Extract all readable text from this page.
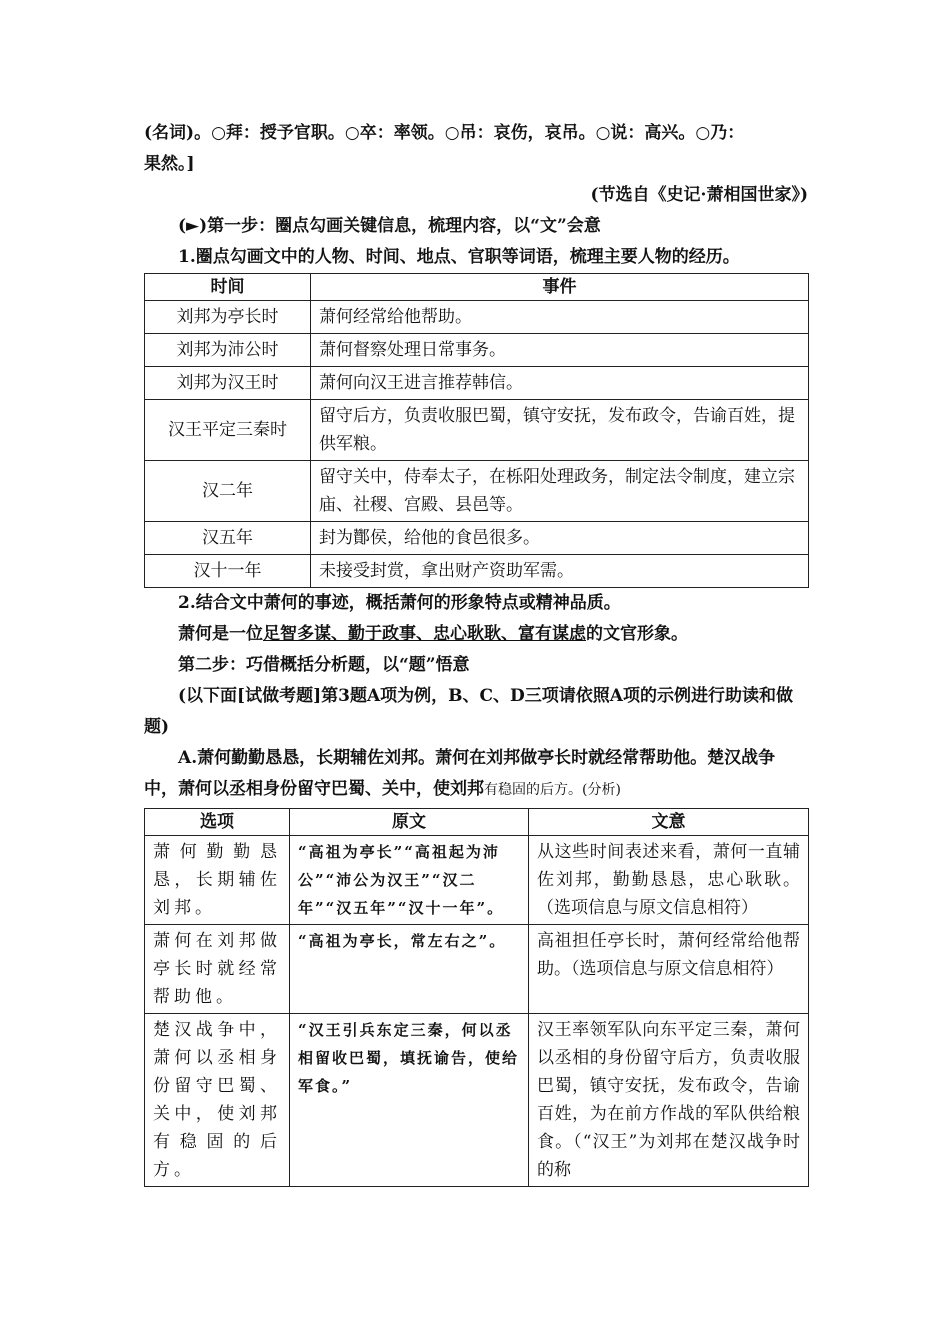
(名词)。○拜：授予官职。○卒：率领。○吊：哀伤，哀吊。○说：高兴。○乃：

果然。]

(节选自《史记·萧相国世家》)

(►)第一步：圈点勾画关键信息，梳理内容，以“文”会意

1.圈点勾画文中的人物、时间、地点、官职等词语，梳理主要人物的经历。

时间	事件
刘邦为亭长时	萧何经常给他帮助。
刘邦为沛公时	萧何督察处理日常事务。
刘邦为汉王时	萧何向汉王进言推荐韩信。
汉王平定三秦时	留守后方，负责收服巴蜀，镇守安抚，发布政令，告谕百姓，提供军粮。
汉二年	留守关中，侍奉太子，在栎阳处理政务，制定法令制度，建立宗庙、社稷、宫殿、县邑等。
汉五年	封为酇侯，给他的食邑很多。
汉十一年	未接受封赏，拿出财产资助军需。

2.结合文中萧何的事迹，概括萧何的形象特点或精神品质。

萧何是一位足智多谋、勤于政事、忠心耿耿、富有谋虑的文官形象。

第二步：巧借概括分析题，以“题”悟意

(以下面[试做考题]第3题A项为例，B、C、D三项请依照A项的示例进行助读和做题)

A.萧何勤勤恳恳，长期辅佐刘邦。萧何在刘邦做亭长时就经常帮助他。楚汉战争中，萧何以丞相身份留守巴蜀、关中，使刘邦有稳固的后方。(分析)

选项	原文	文意
萧何勤勤恳恳，长期辅佐刘邦。	“高祖为亭长”“高祖起为沛公”“沛公为汉王”“汉二年”“汉五年”“汉十一年”。	从这些时间表述来看，萧何一直辅佐刘邦，勤勤恳恳，忠心耿耿。（选项信息与原文信息相符）
萧何在刘邦做亭长时就经常帮助他。	“高祖为亭长，常左右之”。	高祖担任亭长时，萧何经常给他帮助。（选项信息与原文信息相符）
楚汉战争中，萧何以丞相身份留守巴蜀、关中，使刘邦有稳固的后方。	“汉王引兵东定三秦，何以丞相留收巴蜀，填抚谕告，使给军食。”	汉王率领军队向东平定三秦，萧何以丞相的身份留守后方，负责收服巴蜀，镇守安抚，发布政令，告谕百姓，为在前方作战的军队供给粮食。（“汉王”为刘邦在楚汉战争时的称
